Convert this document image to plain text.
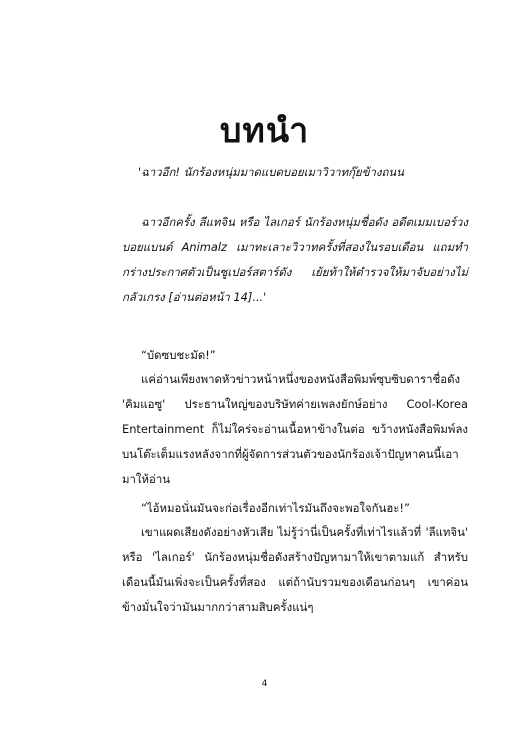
บทนำ

'ฉาวอีก! นักร้องหนุ่มมาดแบดบอยเมาวิวาทกุ๊ยข้างถนน

ฉาวอีกครั้ง ลีแทจิน หรือ ไลเกอร์ นักร้องหนุ่มชื่อดัง อดีตเมมเบอร์วงบอยแบนด์ Animalz เมาทะเลาะวิวาทครั้งที่สองในรอบเดือน แถมทำกร่างประกาศตัวเป็นซูเปอร์สตาร์ดัง เย้ยท้าให้ตำรวจให้มาจับอย่างไม่กลัวเกรง [อ่านต่อหน้า 14]...'

“บัดซบชะมัด!”

แค่อ่านเพียงพาดหัวข่าวหน้าหนึ่งของหนังสือพิมพ์ซุบซิบดาราชื่อดัง 'คิมแอซู' ประธานใหญ่ของบริษัทค่ายเพลงยักษ์อย่าง Cool-Korea Entertainment ก็ไม่ใคร่จะอ่านเนื้อหาข้างในต่อ ขว้างหนังสือพิมพ์ลงบนโต๊ะเต็มแรงหลังจากที่ผู้จัดการส่วนตัวของนักร้องเจ้าปัญหาคนนี้เอามาให้อ่าน

“ไอ้หมอนั่นมันจะก่อเรื่องอีกเท่าไรมันถึงจะพอใจกันฮะ!”

เขาแผดเสียงดังอย่างหัวเสีย ไม่รู้ว่านี่เป็นครั้งที่เท่าไรแล้วที่ 'ลีแทจิน' หรือ 'ไลเกอร์' นักร้องหนุ่มชื่อดังสร้างปัญหามาให้เขาตามแก้ สำหรับเดือนนี้มันเพิ่งจะเป็นครั้งที่สอง แต่ถ้านับรวมของเดือนก่อนๆ เขาค่อนข้างมั่นใจว่ามันมากกว่าสามสิบครั้งแน่ๆ

4
